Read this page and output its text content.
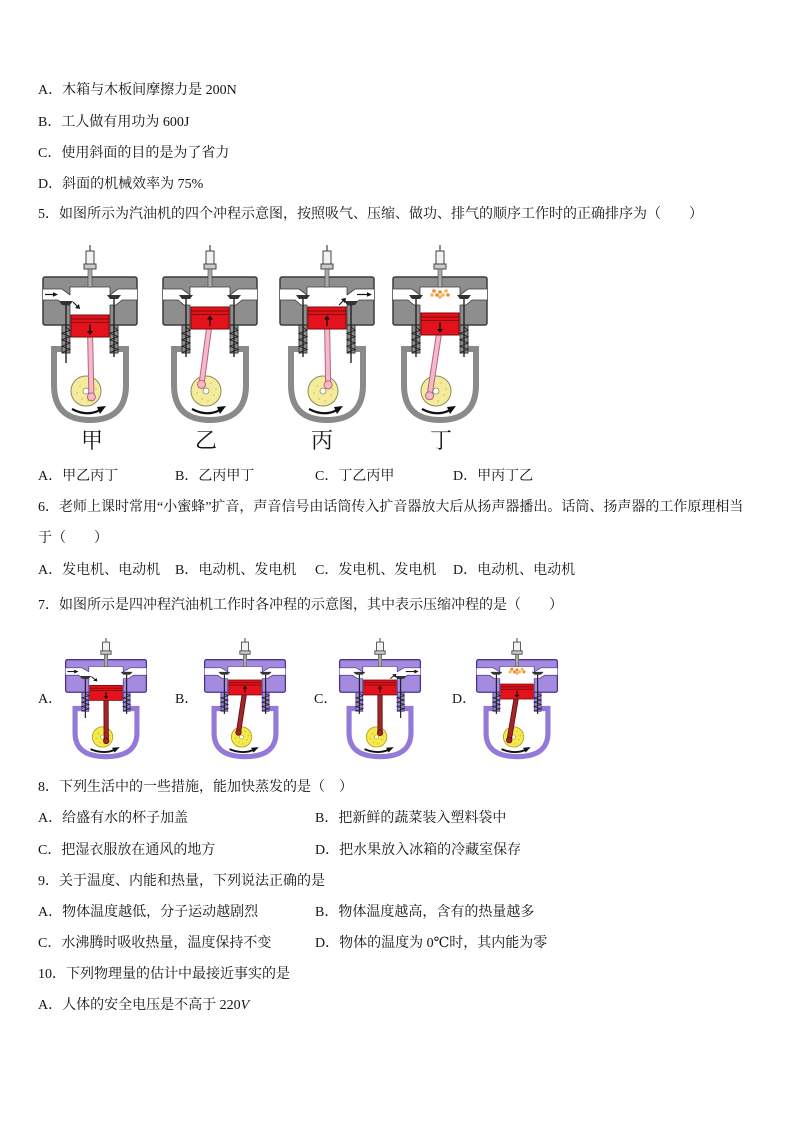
A．木箱与木板间摩擦力是 200N
B．工人做有用功为 600J
C．使用斜面的目的是为了省力
D．斜面的机械效率为 75%
5．如图所示为汽油机的四个冲程示意图，按照吸气、压缩、做功、排气的顺序工作时的正确排序为（　　）
甲	乙	丙	丁
A．甲乙丙丁	B．乙丙甲丁	C．丁乙丙甲	D．甲丙丁乙
6．老师上课时常用“小蜜蜂”扩音，声音信号由话筒传入扩音器放大后从扬声器播出。话筒、扬声器的工作原理相当
于（　　）
A．发电机、电动机 B．电动机、发电机 C．发电机、发电机 D．电动机、电动机
7．如图所示是四冲程汽油机工作时各冲程的示意图，其中表示压缩冲程的是（　　）
A．	B．	C．	D．
8．下列生活中的一些措施，能加快蒸发的是（　）
A．给盛有水的杯子加盖	B．把新鲜的蔬菜装入塑料袋中
C．把湿衣服放在通风的地方	D．把水果放入冰箱的冷藏室保存
9．关于温度、内能和热量，下列说法正确的是
A．物体温度越低，分子运动越剧烈	B．物体温度越高，含有的热量越多
C．水沸腾时吸收热量，温度保持不变	D．物体的温度为 0℃时，其内能为零
10．下列物理量的估计中最接近事实的是
A．人体的安全电压是不高于 220V
